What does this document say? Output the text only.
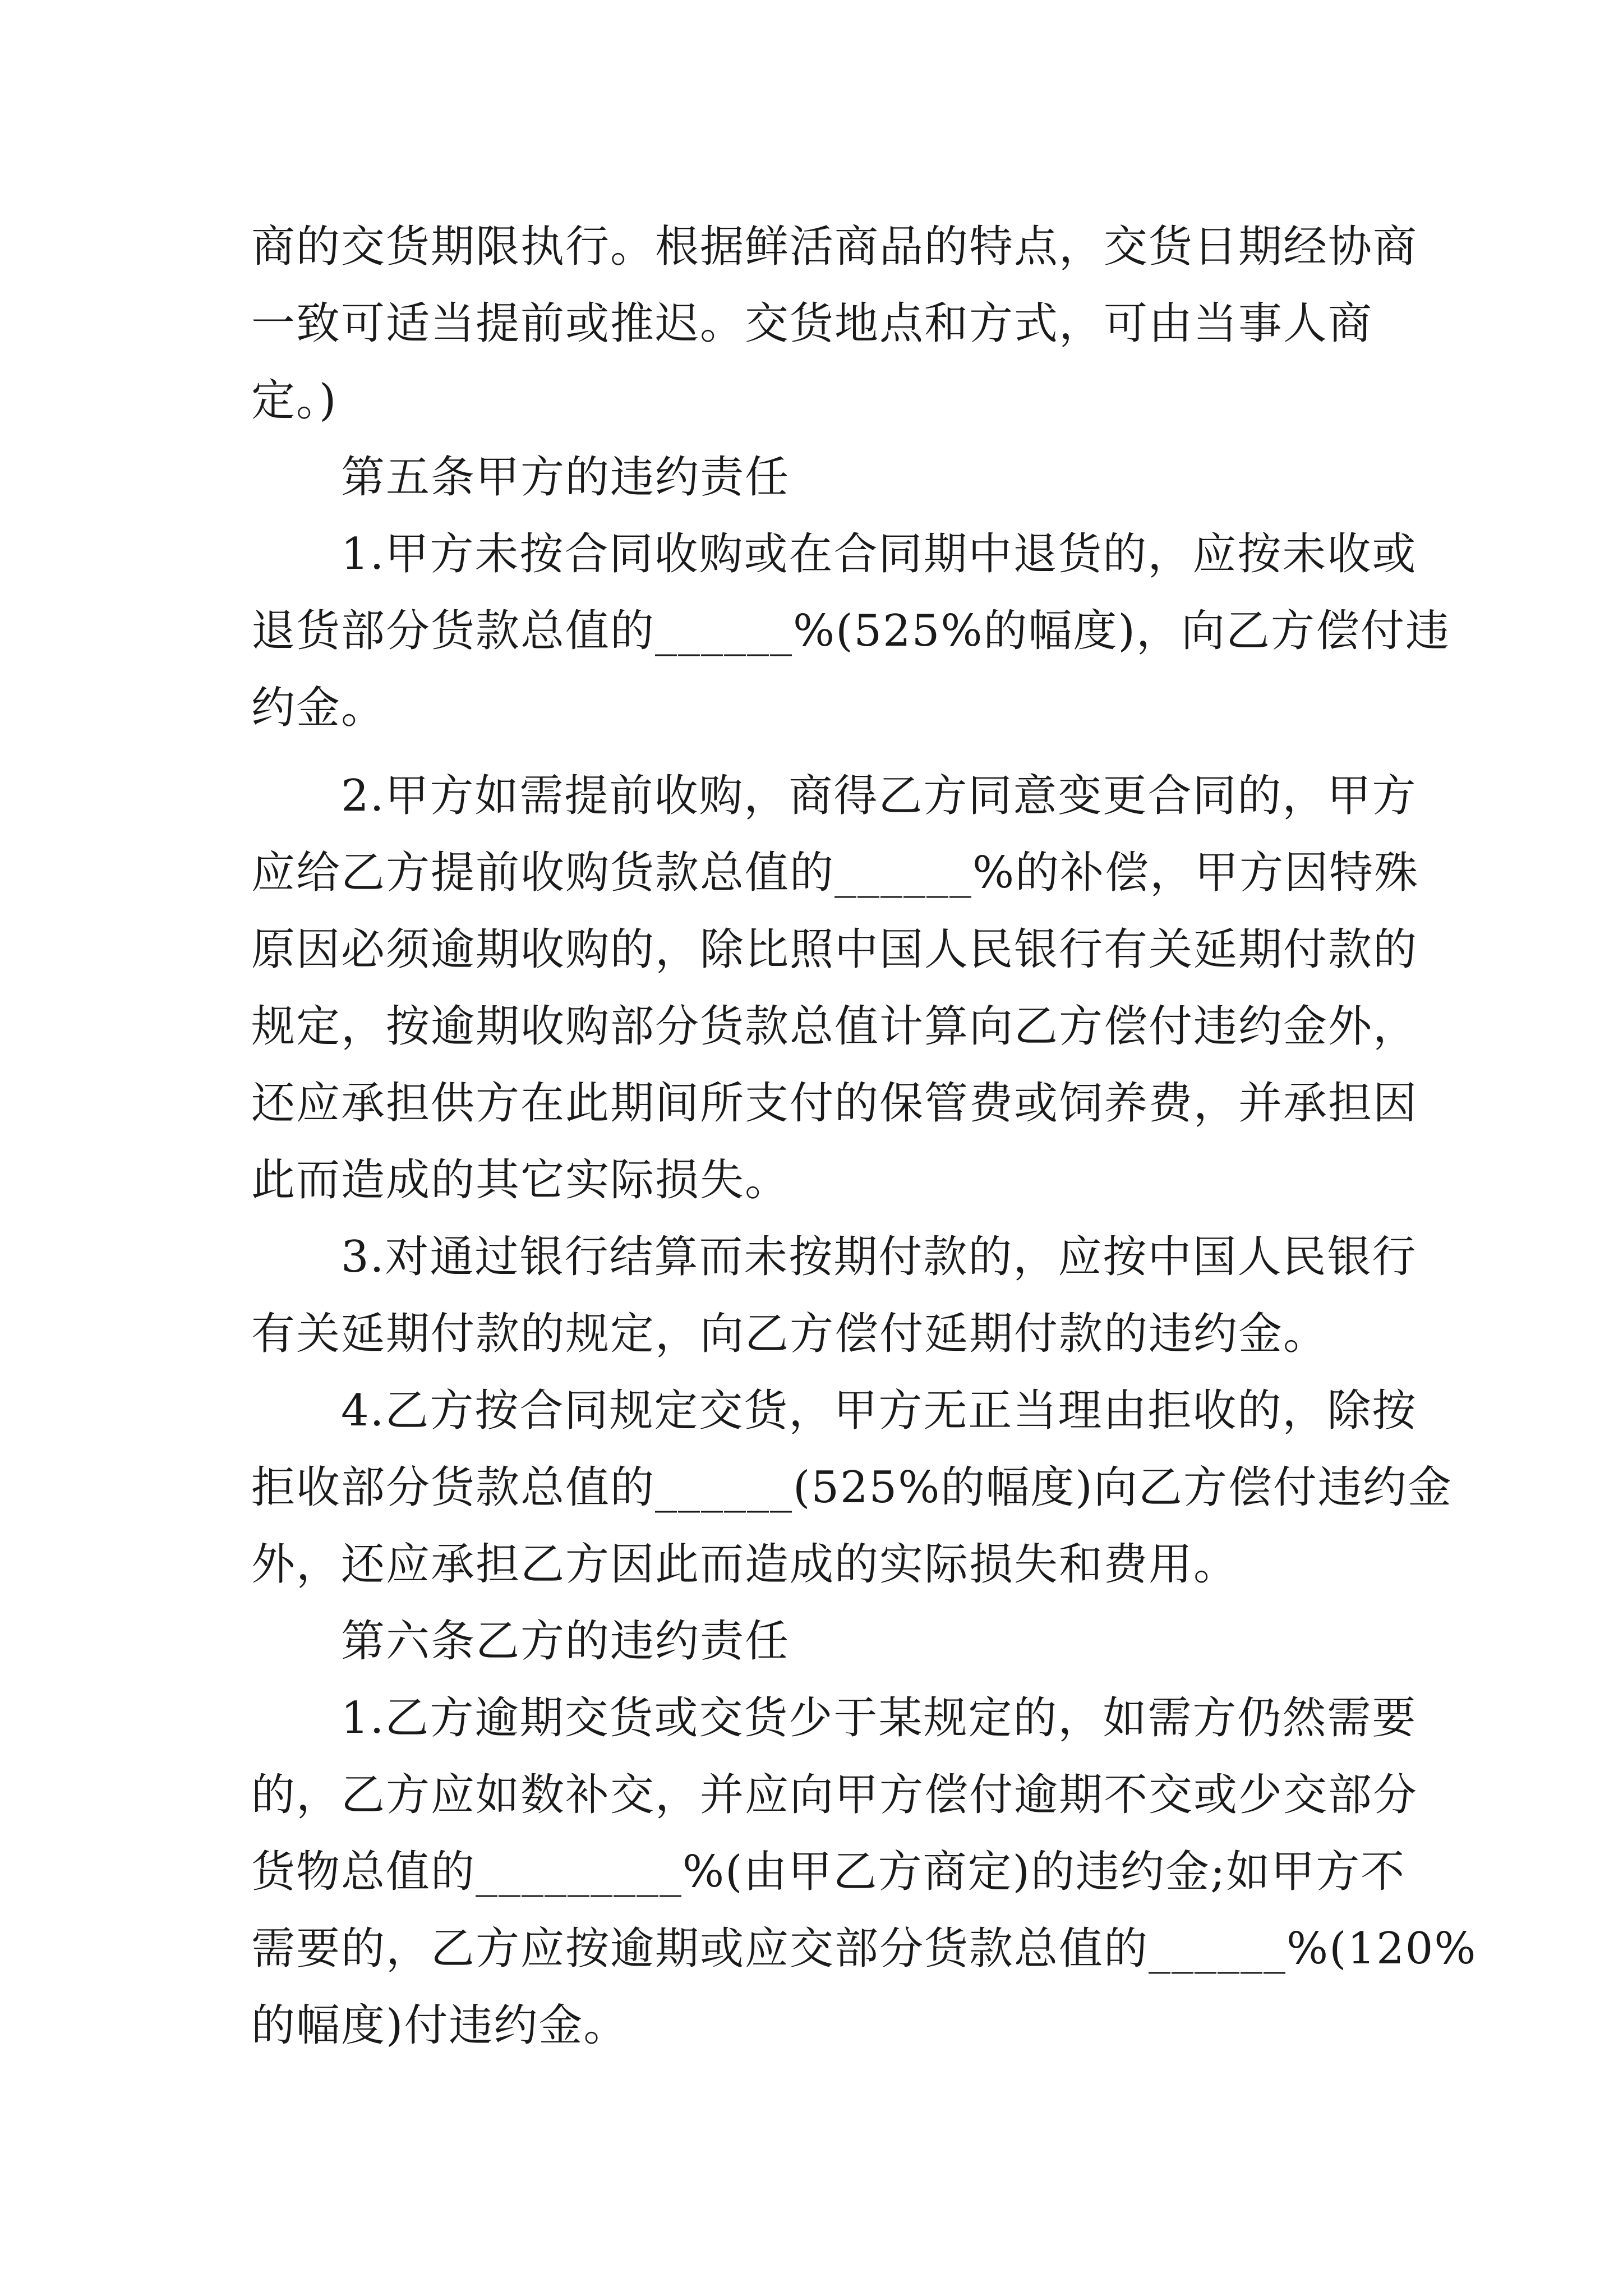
商的交货期限执行。根据鲜活商品的特点，交货日期经协商
一致可适当提前或推迟。交货地点和方式，可由当事人商
定。)
第五条甲方的违约责任
1.甲方未按合同收购或在合同期中退货的，应按未收或
退货部分货款总值的______%(525%的幅度)，向乙方偿付违
约金。
2.甲方如需提前收购，商得乙方同意变更合同的，甲方
应给乙方提前收购货款总值的______%的补偿，甲方因特殊
原因必须逾期收购的，除比照中国人民银行有关延期付款的
规定，按逾期收购部分货款总值计算向乙方偿付违约金外，
还应承担供方在此期间所支付的保管费或饲养费，并承担因
此而造成的其它实际损失。
3.对通过银行结算而未按期付款的，应按中国人民银行
有关延期付款的规定，向乙方偿付延期付款的违约金。
4.乙方按合同规定交货，甲方无正当理由拒收的，除按
拒收部分货款总值的______(525%的幅度)向乙方偿付违约金
外，还应承担乙方因此而造成的实际损失和费用。
第六条乙方的违约责任
1.乙方逾期交货或交货少于某规定的，如需方仍然需要
的，乙方应如数补交，并应向甲方偿付逾期不交或少交部分
货物总值的_________%(由甲乙方商定)的违约金;如甲方不
需要的，乙方应按逾期或应交部分货款总值的______%(120%
的幅度)付违约金。
